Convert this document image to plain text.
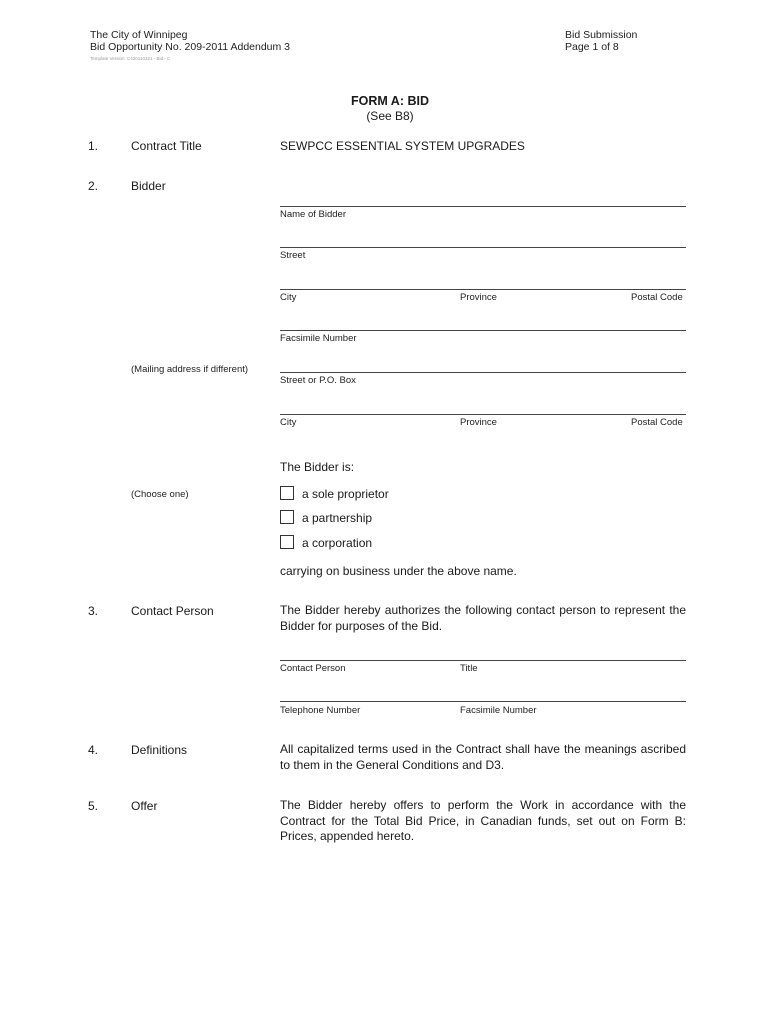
The City of Winnipeg
Bid Opportunity No. 209-2011 Addendum 3
Bid Submission
Page 1 of 8
Template Version: C420110321 - Bid - C
FORM A: BID
(See B8)
1.	Contract Title	SEWPCC ESSENTIAL SYSTEM UPGRADES
2.	Bidder
Name of Bidder
Street
City	Province	Postal Code
Facsimile Number
(Mailing address if different)
Street or P.O. Box
City	Province	Postal Code
The Bidder is:
(Choose one)	a sole proprietor
a partnership
a corporation
carrying on business under the above name.
3.	Contact Person	The Bidder hereby authorizes the following contact person to represent the Bidder for purposes of the Bid.
Contact Person	Title
Telephone Number	Facsimile Number
4.	Definitions	All capitalized terms used in the Contract shall have the meanings ascribed to them in the General Conditions and D3.
5.	Offer	The Bidder hereby offers to perform the Work in accordance with the Contract for the Total Bid Price, in Canadian funds, set out on Form B: Prices, appended hereto.
